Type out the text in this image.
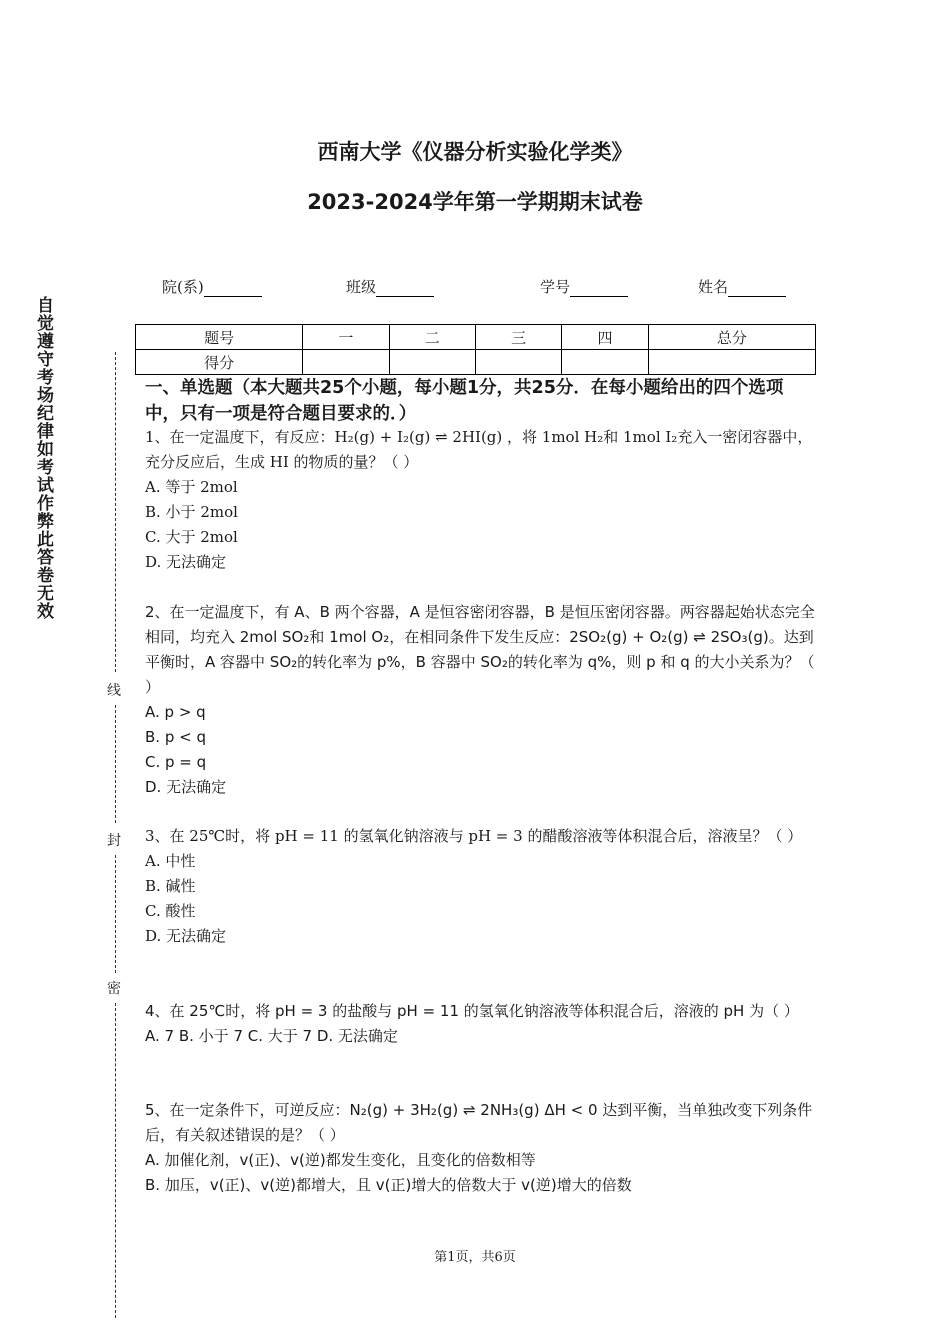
西南大学《仪器分析实验化学类》
2023-2024学年第一学期期末试卷
院(系)	班级	学号	姓名
自觉遵守考场纪律如考试作弊此答卷无效
线
封
密
题号	一	二	三	四	总分
得分					
一、单选题（本大题共25个小题，每小题1分，共25分．在每小题给出的四个选项中，只有一项是符合题目要求的．）
1、在一定温度下，有反应：H₂(g) + I₂(g) ⇌ 2HI(g) ，将 1mol H₂和 1mol I₂充入一密闭容器中，充分反应后，生成 HI 的物质的量？（ ）
A. 等于 2mol
B. 小于 2mol
C. 大于 2mol
D. 无法确定
2、在一定温度下，有 A、B 两个容器，A 是恒容密闭容器，B 是恒压密闭容器。两容器起始状态完全相同，均充入 2mol SO₂和 1mol O₂，在相同条件下发生反应：2SO₂(g) + O₂(g) ⇌ 2SO₃(g)。达到平衡时，A 容器中 SO₂的转化率为 p%，B 容器中 SO₂的转化率为 q%，则 p 和 q 的大小关系为？（ ）
A. p > q
B. p < q
C. p = q
D. 无法确定
3、在 25℃时，将 pH = 11 的氢氧化钠溶液与 pH = 3 的醋酸溶液等体积混合后，溶液呈？（ ）
A. 中性
B. 碱性
C. 酸性
D. 无法确定
4、在 25℃时，将 pH = 3 的盐酸与 pH = 11 的氢氧化钠溶液等体积混合后，溶液的 pH 为（ ）
A. 7 B. 小于 7 C. 大于 7 D. 无法确定
5、在一定条件下，可逆反应：N₂(g) + 3H₂(g) ⇌ 2NH₃(g) ΔH < 0 达到平衡，当单独改变下列条件后，有关叙述错误的是？（ ）
A. 加催化剂，v(正)、v(逆)都发生变化，且变化的倍数相等
B. 加压，v(正)、v(逆)都增大，且 v(正)增大的倍数大于 v(逆)增大的倍数
第1页，共6页
